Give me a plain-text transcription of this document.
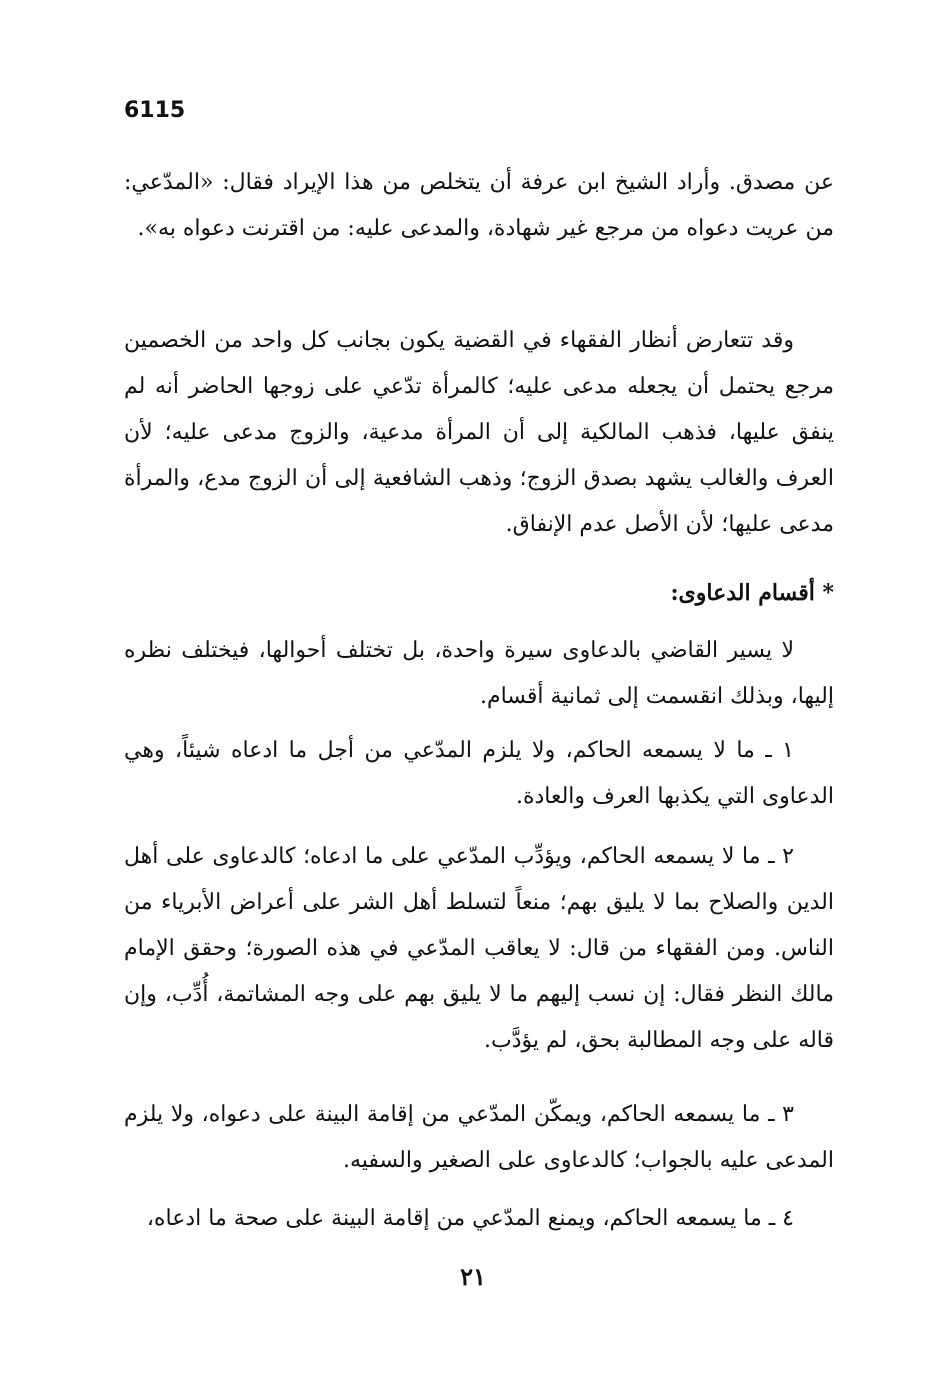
6115

عن مصدق. وأراد الشيخ ابن عرفة أن يتخلص من هذا الإيراد فقال: «المدّعي: من عريت دعواه من مرجع غير شهادة، والمدعى عليه: من اقترنت دعواه به».

وقد تتعارض أنظار الفقهاء في القضية يكون بجانب كل واحد من الخصمين مرجع يحتمل أن يجعله مدعى عليه؛ كالمرأة تدّعي على زوجها الحاضر أنه لم ينفق عليها، فذهب المالكية إلى أن المرأة مدعية، والزوج مدعى عليه؛ لأن العرف والغالب يشهد بصدق الزوج؛ وذهب الشافعية إلى أن الزوج مدع، والمرأة مدعى عليها؛ لأن الأصل عدم الإنفاق.

* أقسام الدعاوى:

لا يسير القاضي بالدعاوى سيرة واحدة، بل تختلف أحوالها، فيختلف نظره إليها، وبذلك انقسمت إلى ثمانية أقسام.

١ ـ ما لا يسمعه الحاكم، ولا يلزم المدّعي من أجل ما ادعاه شيئاً، وهي الدعاوى التي يكذبها العرف والعادة.

٢ ـ ما لا يسمعه الحاكم، ويؤدِّب المدّعي على ما ادعاه؛ كالدعاوى على أهل الدين والصلاح بما لا يليق بهم؛ منعاً لتسلط أهل الشر على أعراض الأبرياء من الناس. ومن الفقهاء من قال: لا يعاقب المدّعي في هذه الصورة؛ وحقق الإمام مالك النظر فقال: إن نسب إليهم ما لا يليق بهم على وجه المشاتمة، أُدِّب، وإن قاله على وجه المطالبة بحق، لم يؤدَّب.

٣ ـ ما يسمعه الحاكم، ويمكّن المدّعي من إقامة البينة على دعواه، ولا يلزم المدعى عليه بالجواب؛ كالدعاوى على الصغير والسفيه.

٤ ـ ما يسمعه الحاكم، ويمنع المدّعي من إقامة البينة على صحة ما ادعاه،

٢١
